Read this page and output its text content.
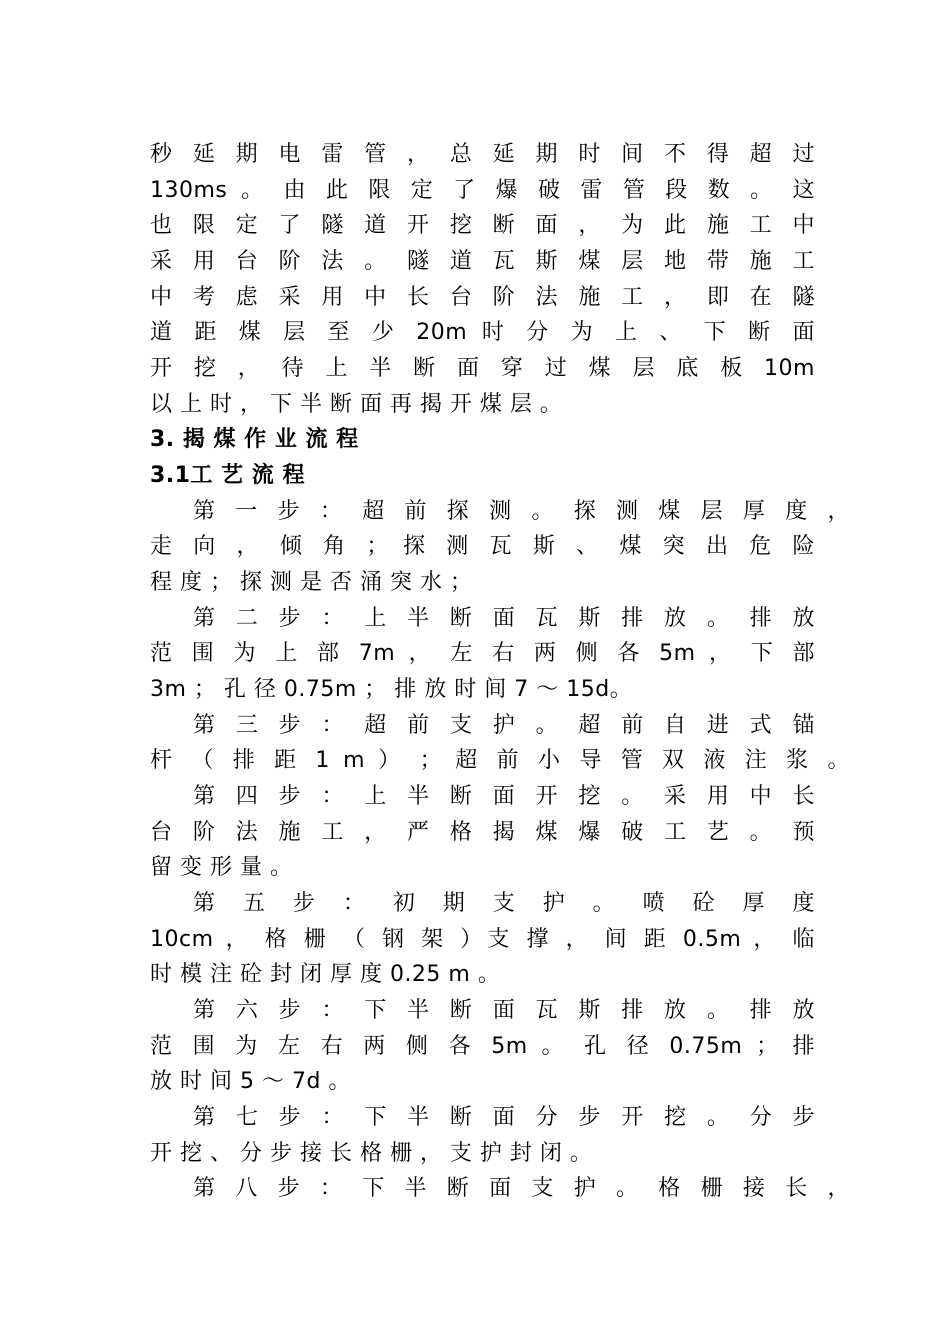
秒 延 期 电 雷 管 ， 总 延 期 时 间 不 得 超 过
130ms 。 由 此 限 定 了 爆 破 雷 管 段 数 。 这
也 限 定 了 隧 道 开 挖 断 面 ， 为 此 施 工 中
采 用 台 阶 法 。 隧 道 瓦 斯 煤 层 地 带 施 工
中 考 虑 采 用 中 长 台 阶 法 施 工 ， 即 在 隧
道 距 煤 层 至 少 20m 时 分 为 上 、 下 断 面
开 挖 ， 待 上 半 断 面 穿 过 煤 层 底 板 10m
以 上 时 ， 下 半 断 面 再 揭 开 煤 层 。
3. 揭 煤 作 业 流 程
3.1工 艺 流 程
第 一 步 ： 超 前 探 测 。 探 测 煤 层 厚 度 ，
走 向 ， 倾 角 ； 探 测 瓦 斯 、 煤 突 出 危 险
程 度 ； 探 测 是 否 涌 突 水 ；
第 二 步 ： 上 半 断 面 瓦 斯 排 放 。 排 放
范 围 为 上 部 7m ， 左 右 两 侧 各 5m ， 下 部
3m ； 孔 径 0.75m ； 排 放 时 间 7 ～ 15d。
第 三 步 ： 超 前 支 护 。 超 前 自 进 式 锚
杆 （ 排 距 1 m ） ； 超 前 小 导 管 双 液 注 浆 。
第 四 步 ： 上 半 断 面 开 挖 。 采 用 中 长
台 阶 法 施 工 ， 严 格 揭 煤 爆 破 工 艺 。 预
留 变 形 量 。
第 五 步 ： 初 期 支 护 。 喷 砼 厚 度
10cm ， 格 栅 （ 钢 架 ）支 撑 ， 间 距 0.5m ， 临
时 模 注 砼 封 闭 厚 度 0.25 m 。
第 六 步 ： 下 半 断 面 瓦 斯 排 放 。 排 放
范 围 为 左 右 两 侧 各 5m 。 孔 径 0.75m ； 排
放 时 间 5 ～ 7d 。
第 七 步 ： 下 半 断 面 分 步 开 挖 。 分 步
开 挖 、 分 步 接 长 格 栅 ， 支 护 封 闭 。
第 八 步 ： 下 半 断 面 支 护 。 格 栅 接 长 ，
